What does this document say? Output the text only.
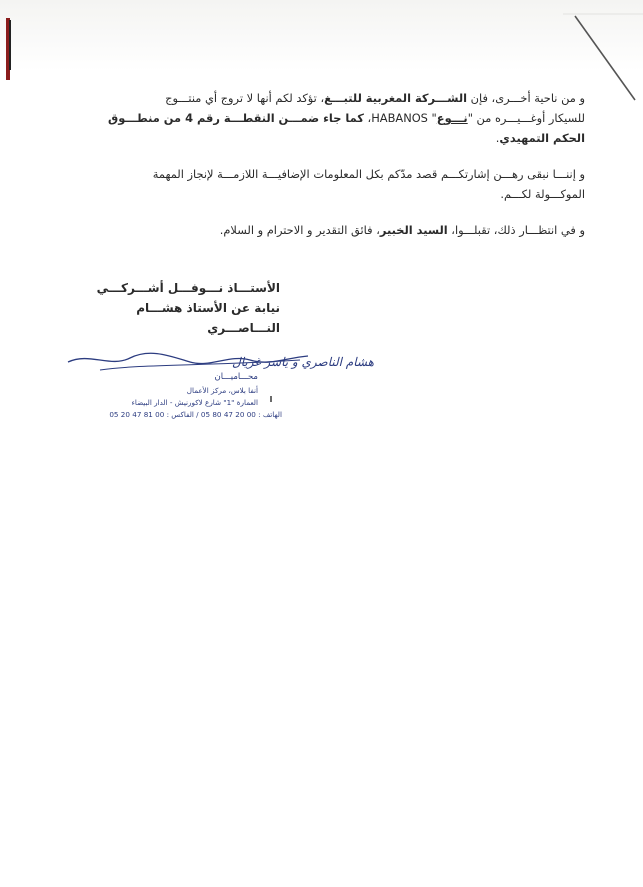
و من ناحية أخـــرى، فإن الشـــركة المغربية للتبـــغ، تؤكد لكم أنها لا تروج أي منتـــوج
للسيكار أوغـــيـــره من "نـــوع" HABANOS، كما جاء ضمـــن النقطـــة رقم 4 من منطـــوق
الحكم التمهيدي.
و إننـــا نبقى رهـــن إشارتكـــم قصد مدّكم بكل المعلومات الإضافيـــة اللازمـــة لإنجاز المهمة
الموكـــولة لكـــم.
و في انتظـــار ذلك، تقبلـــوا، السيد الخبير، فائق التقدير و الاحترام و السلام.
الأستـــاذ نـــوفـــل أشـــركـــي
نيابة عن الأستاذ هشـــام النـــاصـــري
هشام الناصري و ياسر غريال
محـــاميـــان
أنفا بلاس، مركز الأعمال
العمارة "1" شارع لاكورنيش - الدار البيضاء
الهاتف : 00 20 47 80 05 / الفاكس : 00 81 47 20 05
